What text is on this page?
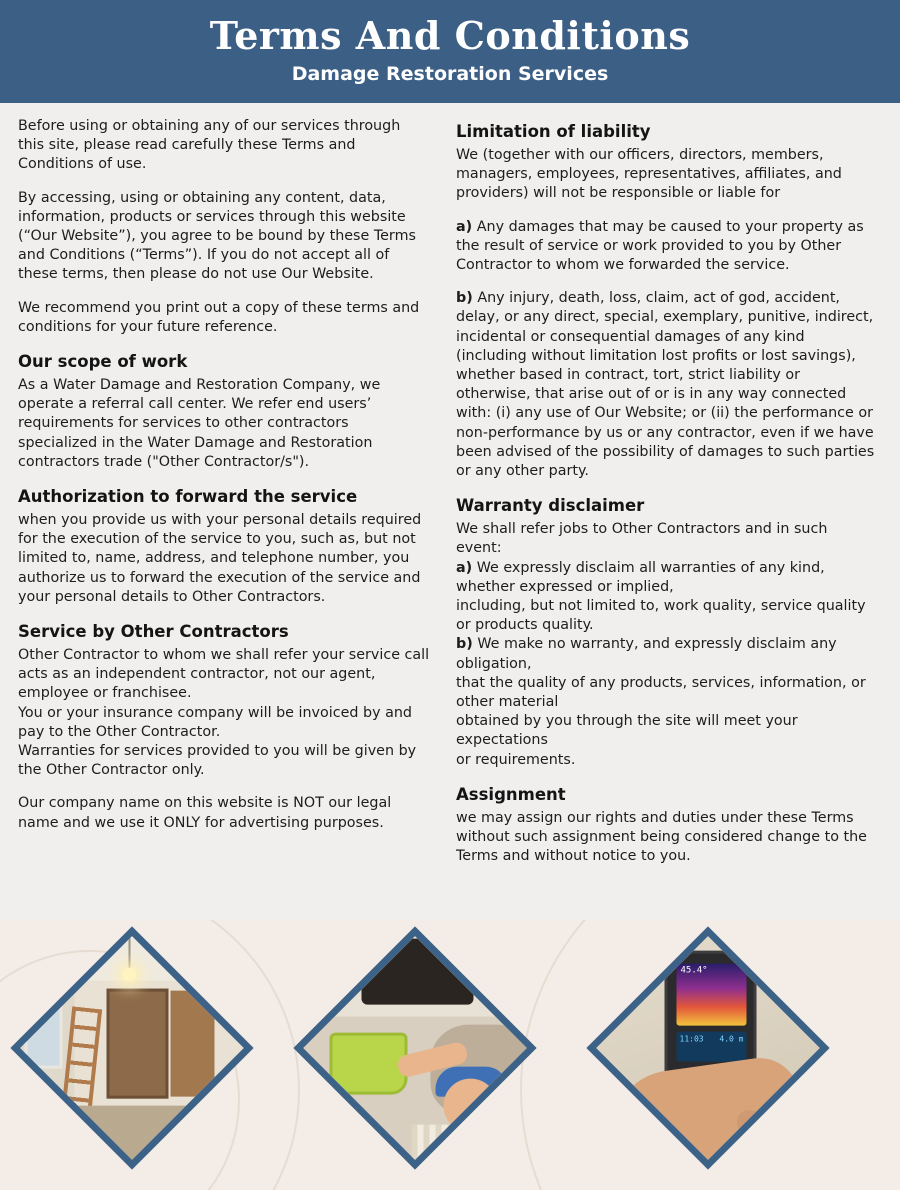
Terms And Conditions
Damage Restoration Services

Before using or obtaining any of our services through this site, please read carefully these Terms and Conditions of use.

By accessing, using or obtaining any content, data, information, products or services through this website (“Our Website”), you agree to be bound by these Terms and Conditions (“Terms”). If you do not accept all of these terms, then please do not use Our Website.

We recommend you print out a copy of these terms and conditions for your future reference.

Our scope of work

As a Water Damage and Restoration Company, we operate a referral call center. We refer end users’ requirements for services to other contractors specialized in the Water Damage and Restoration contractors trade ("Other Contractor/s").

Authorization to forward the service

when you provide us with your personal details required for the execution of the service to you, such as, but not limited to, name, address, and telephone number, you authorize us to forward the execution of the service and your personal details to Other Contractors.

Service by Other Contractors

Other Contractor to whom we shall refer your service call acts as an independent contractor, not our agent, employee or franchisee.

You or your insurance company will be invoiced by and pay to the Other Contractor.

Warranties for services provided to you will be given by the Other Contractor only.

Our company name on this website is NOT our legal name and we use it ONLY for advertising purposes.

Limitation of liability

We (together with our officers, directors, members, managers, employees, representatives, affiliates, and providers) will not be responsible or liable for

a) Any damages that may be caused to your property as the result of service or work provided to you by Other Contractor to whom we forwarded the service.

b) Any injury, death, loss, claim, act of god, accident, delay, or any direct, special, exemplary, punitive, indirect, incidental or consequential damages of any kind (including without limitation lost profits or lost savings), whether based in contract, tort, strict liability or otherwise, that arise out of or is in any way connected with: (i) any use of Our Website; or (ii) the performance or non-performance by us or any contractor, even if we have been advised of the possibility of damages to such parties or any other party.

Warranty disclaimer

We shall refer jobs to Other Contractors and in such event:

a) We expressly disclaim all warranties of any kind, whether expressed or implied,

including, but not limited to, work quality, service quality or products quality.

b) We make no warranty, and expressly disclaim any obligation,

that the quality of any products, services, information, or other material

obtained by you through the site will meet your expectations

or requirements.

Assignment

we may assign our rights and duties under these Terms without such assignment being considered change to the Terms and without notice to you.

45.4°
11:03 4.0 m
